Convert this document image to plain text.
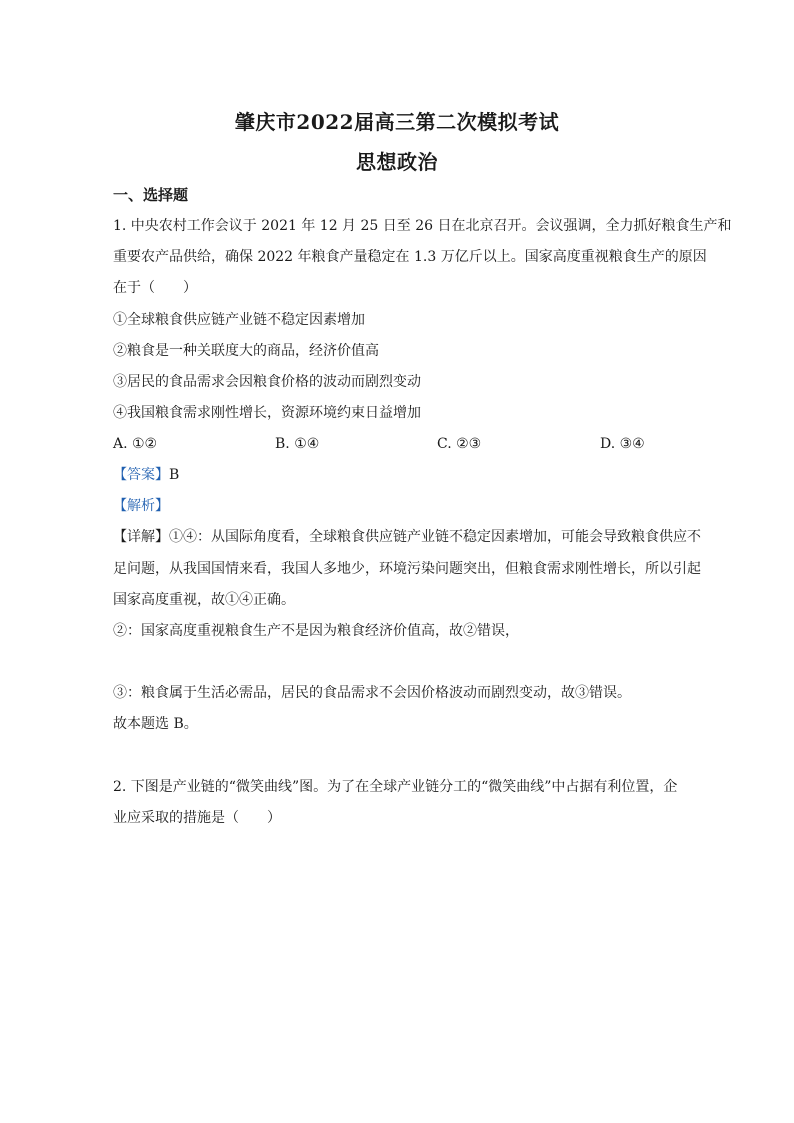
肇庆市2022届高三第二次模拟考试
思想政治
一、选择题
1. 中央农村工作会议于 2021 年 12 月 25 日至 26 日在北京召开。会议强调，全力抓好粮食生产和
重要农产品供给，确保 2022 年粮食产量稳定在 1.3 万亿斤以上。国家高度重视粮食生产的原因
在于（　　）
①全球粮食供应链产业链不稳定因素增加
②粮食是一种关联度大的商品，经济价值高
③居民的食品需求会因粮食价格的波动而剧烈变动
④我国粮食需求刚性增长，资源环境约束日益增加
A. ①②	B. ①④	C. ②③	D. ③④
【答案】B
【解析】
【详解】①④：从国际角度看，全球粮食供应链产业链不稳定因素增加，可能会导致粮食供应不
足问题，从我国国情来看，我国人多地少，环境污染问题突出，但粮食需求刚性增长，所以引起
国家高度重视，故①④正确。
②：国家高度重视粮食生产不是因为粮食经济价值高，故②错误，
③：粮食属于生活必需品，居民的食品需求不会因价格波动而剧烈变动，故③错误。
故本题选 B。
2. 下图是产业链的“微笑曲线”图。为了在全球产业链分工的“微笑曲线”中占据有利位置，企
业应采取的措施是（　　）
